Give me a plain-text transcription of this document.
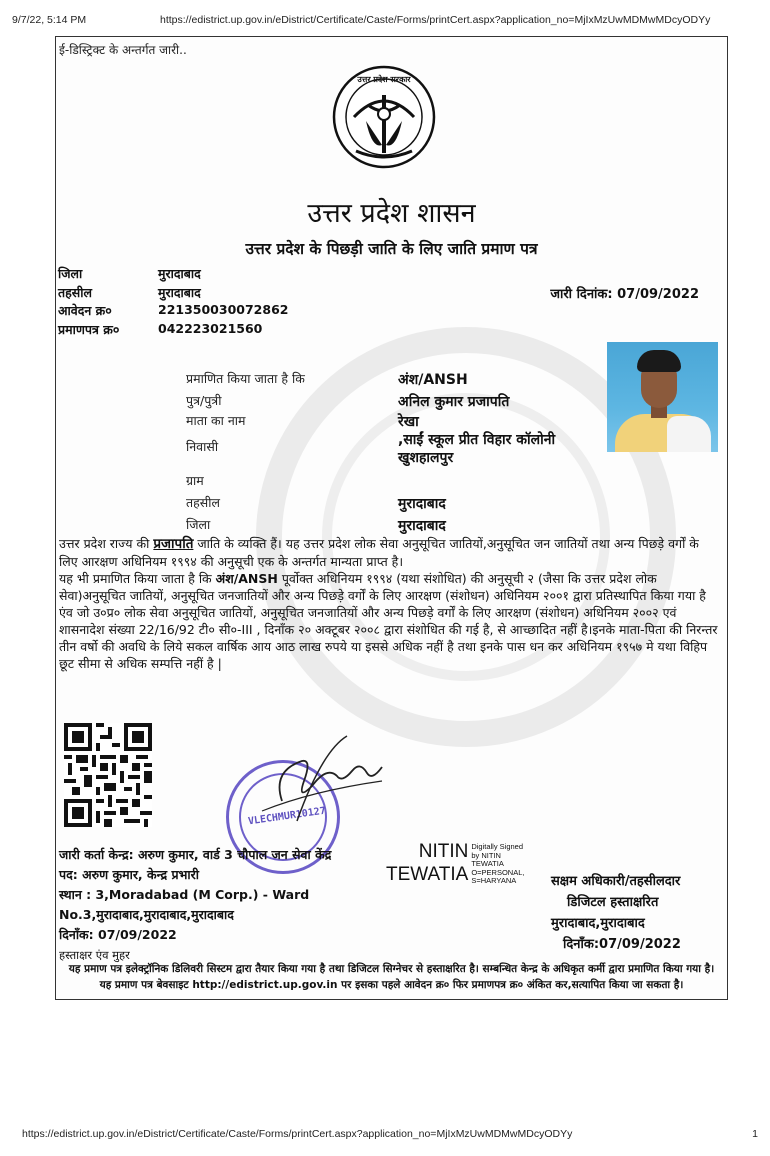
9/7/22, 5:14 PM	https://edistrict.up.gov.in/eDistrict/Certificate/Caste/Forms/printCert.aspx?application_no=MjIxMzUwMDMwMDcyODYy
ई-डिस्ट्रिक्ट के अन्तर्गत जारी..
उत्तर प्रदेश सरकार
उत्तर प्रदेश शासन
उत्तर प्रदेश के पिछड़ी जाति के लिए जाति प्रमाण पत्र
जिला	मुरादाबाद
तहसील	मुरादाबाद
आवेदन क्र०	221350030072862
प्रमाणपत्र क्र०	042223021560
जारी दिनांक: 07/09/2022
प्रमाणित किया जाता है कि	अंश/ANSH
पुत्र/पुत्री	अनिल कुमार प्रजापति
माता का नाम	रेखा
निवासी	,साईं स्कूल प्रीत विहार कॉलोनी
खुशहालपुर
ग्राम
तहसील	मुरादाबाद
जिला	मुरादाबाद

उत्तर प्रदेश राज्य की प्रजापति जाति के व्यक्ति हैं। यह उत्तर प्रदेश लोक सेवा अनुसूचित जातियों,अनुसूचित जन जातियों तथा अन्य पिछड़े वर्गों के लिए आरक्षण अधिनियम १९९४ की अनुसूची एक के अन्तर्गत मान्यता प्राप्त है।

यह भी प्रमाणित किया जाता है कि अंश/ANSH पूर्वोक्त अधिनियम १९९४ (यथा संशोधित) की अनुसूची २ (जैसा कि उत्तर प्रदेश लोक सेवा)अनुसूचित जातियों, अनुसूचित जनजातियों और अन्य पिछड़े वर्गों के लिए आरक्षण (संशोधन) अधिनियम २००१ द्वारा प्रतिस्थापित किया गया है एंव जो उ०प्र० लोक सेवा अनुसूचित जातियों, अनुसूचित जनजातियों और अन्य पिछड़े वर्गों के लिए आरक्षण (संशोधन) अधिनियम २००२ एवं शासनादेश संख्या 22/16/92 टी० सी०-III , दिनाँक २० अक्टूबर २००८ द्वारा संशोधित की गई है, से आच्छादित नहीं है।इनके माता-पिता की निरन्तर तीन वर्षो की अवधि के लिये सकल वार्षिक आय आठ लाख रुपये या इससे अधिक नहीं है तथा इनके पास धन कर अधिनियम १९५७ मे यथा विहिप छूट सीमा से अधिक सम्पत्ति नहीं है |

VLECHMUR10127
जारी कर्ता केन्द्र: अरुण कुमार, वार्ड 3 चौपाल जन सेवा केंद्र
पद: अरुण कुमार, केन्द्र प्रभारी
स्थान : 3,Moradabad (M Corp.) - Ward
No.3,मुरादाबाद,मुरादाबाद,मुरादाबाद
दिनाँक: 07/09/2022
हस्ताक्षर एंव मुहर
NITIN
TEWATIA
Digitally Signed
by NITIN
TEWATIA
O=PERSONAL,
S=HARYANA	सक्षम अधिकारी/तहसीलदार
डिजिटल हस्ताक्षरित
मुरादाबाद,मुरादाबाद
दिनाँक:07/09/2022
यह प्रमाण पत्र इलेक्ट्रॉनिक डिलिवरी सिस्टम द्वारा तैयार किया गया है तथा डिजिटल सिग्नेचर से हस्ताक्षरित है। सम्बन्धित केन्द्र के अधिकृत कर्मी द्वारा प्रमाणित किया गया है। यह प्रमाण पत्र बेवसाइट http://edistrict.up.gov.in पर इसका पहले आवेदन क्र० फिर प्रमाणपत्र क्र० अंकित कर,सत्यापित किया जा सकता है।
https://edistrict.up.gov.in/eDistrict/Certificate/Caste/Forms/printCert.aspx?application_no=MjIxMzUwMDMwMDcyODYy	1
